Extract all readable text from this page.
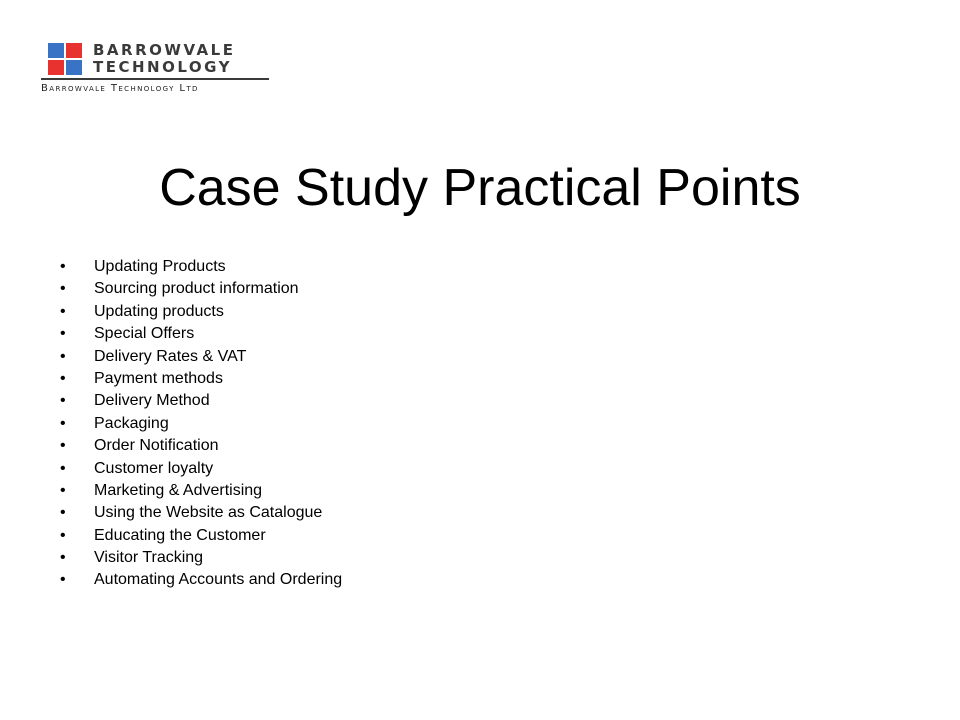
BARROWVALE
TECHNOLOGY
Barrowvale Technology Ltd
Case Study Practical Points
• Updating Products
• Sourcing product information
• Updating products
• Special Offers
• Delivery Rates & VAT
• Payment methods
• Delivery Method
• Packaging
• Order Notification
• Customer loyalty
• Marketing & Advertising
• Using the Website as Catalogue
• Educating the Customer
• Visitor Tracking
• Automating Accounts and Ordering
